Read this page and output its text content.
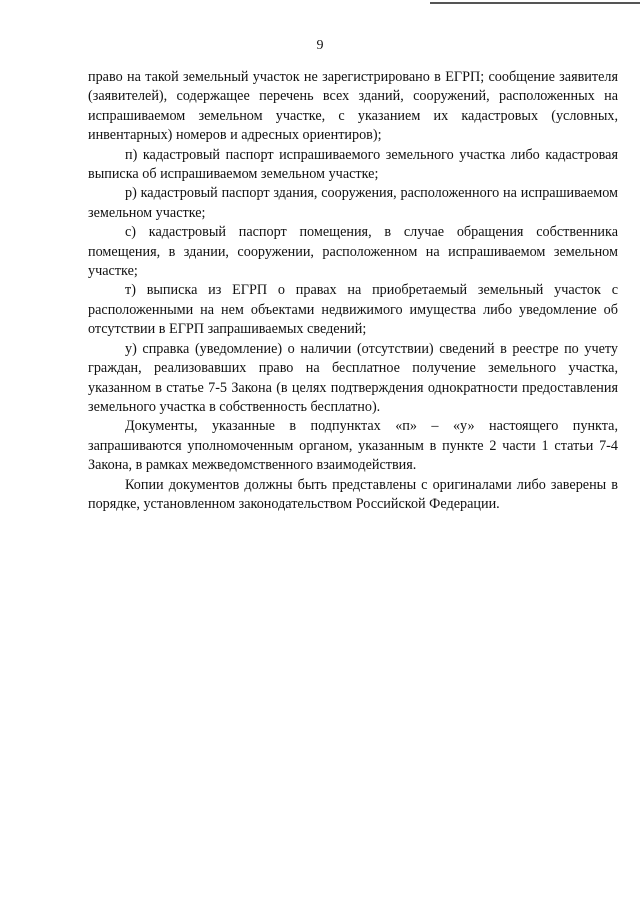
9

право на такой земельный участок не зарегистрировано в ЕГРП; сообщение заявителя (заявителей), содержащее перечень всех зданий, сооружений, расположенных на испрашиваемом земельном участке, с указанием их кадастровых (условных, инвентарных) номеров и адресных ориентиров);

п) кадастровый паспорт испрашиваемого земельного участка либо кадастровая выписка об испрашиваемом земельном участке;

р) кадастровый паспорт здания, сооружения, расположенного на испрашиваемом земельном участке;

с) кадастровый паспорт помещения, в случае обращения собственника помещения, в здании, сооружении, расположенном на испрашиваемом земельном участке;

т) выписка из ЕГРП о правах на приобретаемый земельный участок с расположенными на нем объектами недвижимого имущества либо уведомление об отсутствии в ЕГРП запрашиваемых сведений;

у) справка (уведомление) о наличии (отсутствии) сведений в реестре по учету граждан, реализовавших право на бесплатное получение земельного участка, указанном в статье 7-5 Закона (в целях подтверждения однократности предоставления земельного участка в собственность бесплатно).

Документы, указанные в подпунктах «п» – «у» настоящего пункта, запрашиваются уполномоченным органом, указанным в пункте 2 части 1 статьи 7-4 Закона, в рамках межведомственного взаимодействия.

Копии документов должны быть представлены с оригиналами либо заверены в порядке, установленном законодательством Российской Федерации.
